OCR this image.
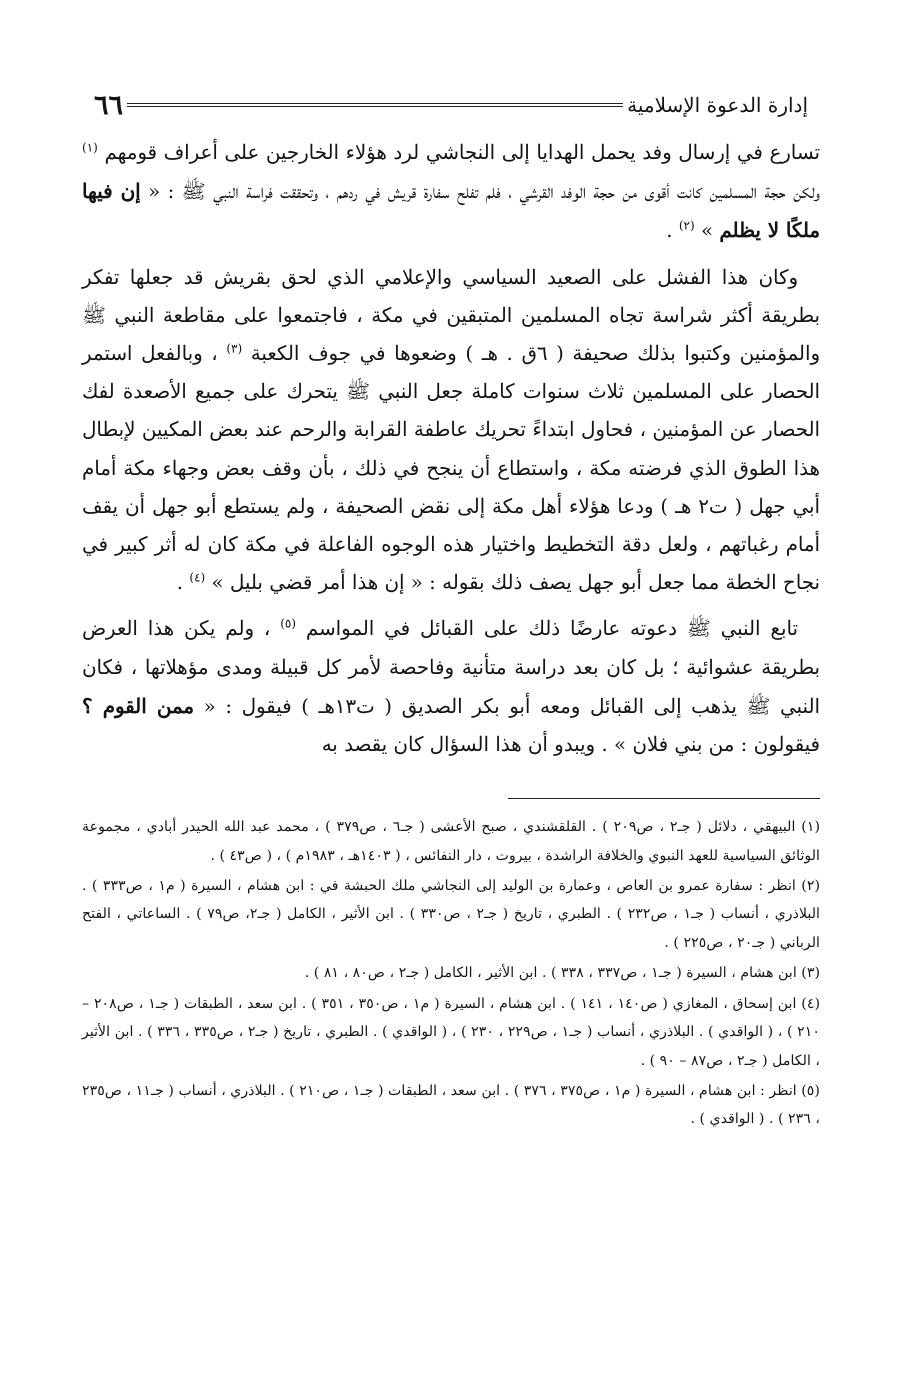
إدارة الدعوة الإسلامية
٦٦

تسارع في إرسال وفد يحمل الهدايا إلى النجاشي لرد هؤلاء الخارجين على أعراف قومهم $^{(١)}$ ولكن حجة المسلمين كانت أقوى من حجة الوفد القرشي ، فلم تفلح سفارة قريش في ردهم ، وتحققت فراسة النبي ﷺ : « إن فيها ملكًا لا يظلم » $^{(٢)}$ .

وكان هذا الفشل على الصعيد السياسي والإعلامي الذي لحق بقريش قد جعلها تفكر بطريقة أكثر شراسة تجاه المسلمين المتبقين في مكة ، فاجتمعوا على مقاطعة النبي ﷺ والمؤمنين وكتبوا بذلك صحيفة ( ٦ق . هـ ) وضعوها في جوف الكعبة $^{(٣)}$ ، وبالفعل استمر الحصار على المسلمين ثلاث سنوات كاملة جعل النبي ﷺ يتحرك على جميع الأصعدة لفك الحصار عن المؤمنين ، فحاول ابتداءً تحريك عاطفة القرابة والرحم عند بعض المكيين لإبطال هذا الطوق الذي فرضته مكة ، واستطاع أن ينجح في ذلك ، بأن وقف بعض وجهاء مكة أمام أبي جهل ( ت٢ هـ ) ودعا هؤلاء أهل مكة إلى نقض الصحيفة ، ولم يستطع أبو جهل أن يقف أمام رغباتهم ، ولعل دقة التخطيط واختيار هذه الوجوه الفاعلة في مكة كان له أثر كبير في نجاح الخطة مما جعل أبو جهل يصف ذلك بقوله : « إن هذا أمر قضي بليل » $^{(٤)}$ .

تابع النبي ﷺ دعوته عارضًا ذلك على القبائل في المواسم $^{(٥)}$ ، ولم يكن هذا العرض بطريقة عشوائية ؛ بل كان بعد دراسة متأنية وفاحصة لأمر كل قبيلة ومدى مؤهلاتها ، فكان النبي ﷺ يذهب إلى القبائل ومعه أبو بكر الصديق ( ت١٣هـ ) فيقول : « ممن القوم ؟ فيقولون : من بني فلان » . ويبدو أن هذا السؤال كان يقصد به

(١) البيهقي ، دلائل ( جـ٢ ، ص٢٠٩ ) . القلقشندي ، صبح الأعشى ( جـ٦ ، ص٣٧٩ ) ، محمد عبد الله الحيدر أبادي ، مجموعة الوثائق السياسية للعهد النبوي والخلافة الراشدة ، بيروت ، دار النفائس ، ( ١٤٠٣هـ ، ١٩٨٣م ) ، ( ص٤٣ ) .

(٢) انظر : سفارة عمرو بن العاص ، وعمارة بن الوليد إلى النجاشي ملك الحبشة في : ابن هشام ، السيرة ( م١ ، ص٣٣٣ ) . البلاذري ، أنساب ( جـ١ ، ص٢٣٢ ) . الطبري ، تاريخ ( جـ٢ ، ص٣٣٠ ) . ابن الأثير ، الكامل ( جـ٢، ص٧٩ ) . الساعاتي ، الفتح الرباني ( جـ٢٠ ، ص٢٢٥ ) .

(٣) ابن هشام ، السيرة ( جـ١ ، ص٣٣٧ ، ٣٣٨ ) . ابن الأثير ، الكامل ( جـ٢ ، ص٨٠ ، ٨١ ) .

(٤) ابن إسحاق ، المغازي ( ص١٤٠ ، ١٤١ ) . ابن هشام ، السيرة ( م١ ، ص٣٥٠ ، ٣٥١ ) . ابن سعد ، الطبقات ( جـ١ ، ص٢٠٨ – ٢١٠ ) ، ( الواقدي ) . البلاذري ، أنساب ( جـ١ ، ص٢٢٩ ، ٢٣٠ ) ، ( الواقدي ) . الطبري ، تاريخ ( جـ٢ ، ص٣٣٥ ، ٣٣٦ ) . ابن الأثير ، الكامل ( جـ٢ ، ص٨٧ – ٩٠ ) .

(٥) انظر : ابن هشام ، السيرة ( م١ ، ص٣٧٥ ، ٣٧٦ ) . ابن سعد ، الطبقات ( جـ١ ، ص٢١٠ ) . البلاذري ، أنساب ( جـ١١ ، ص٢٣٥ ، ٢٣٦ ) . ( الواقدي ) .
